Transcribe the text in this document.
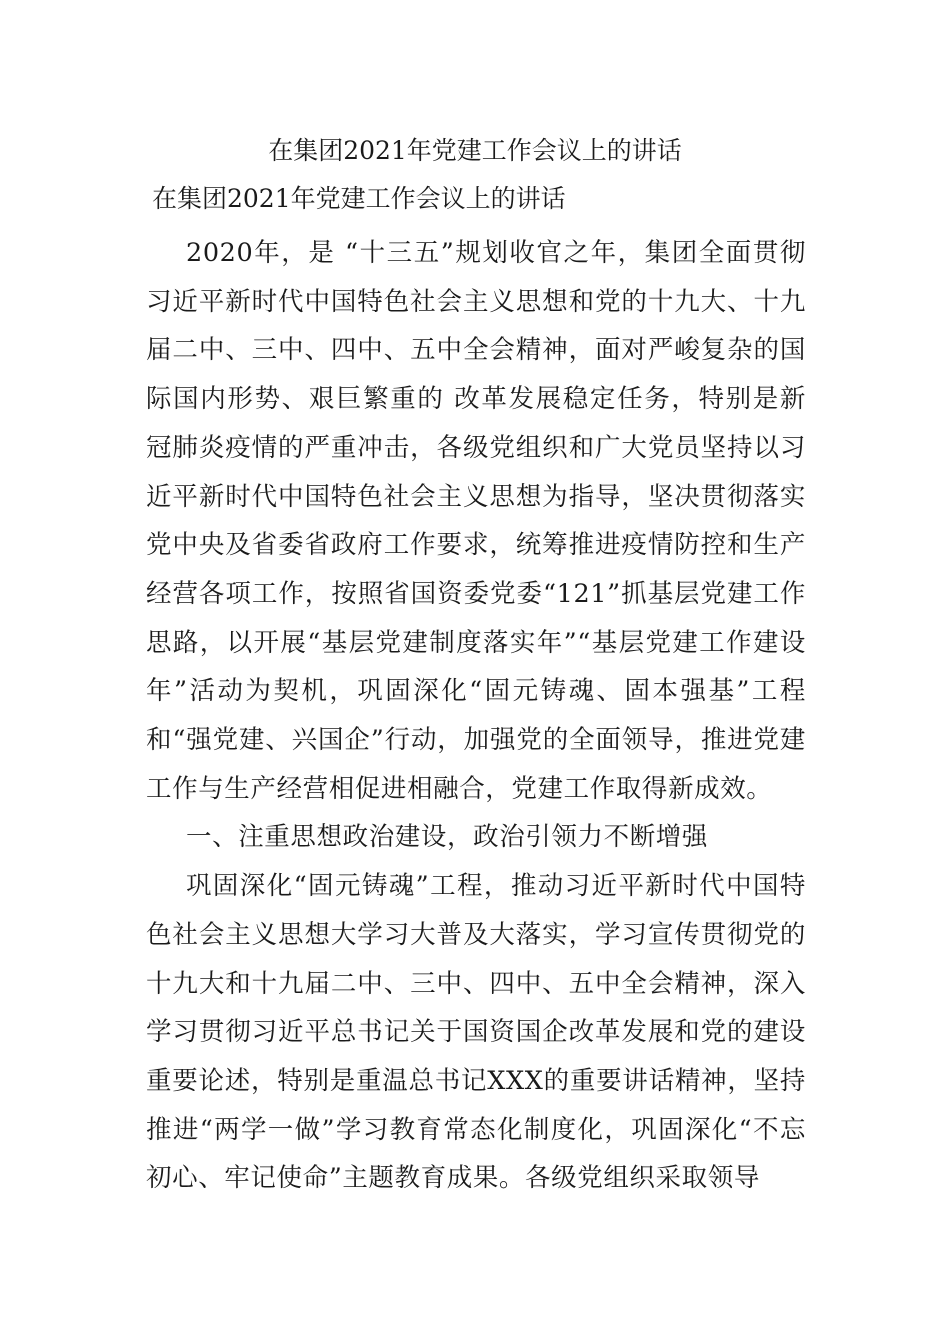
在集团2021年党建工作会议上的讲话
在集团2021年党建工作会议上的讲话

2020年，是 “十三五”规划收官之年，集团全面贯彻习近平新时代中国特色社会主义思想和党的十九大、十九届二中、三中、四中、五中全会精神，面对严峻复杂的国际国内形势、艰巨繁重的 改革发展稳定任务，特别是新冠肺炎疫情的严重冲击，各级党组织和广大党员坚持以习近平新时代中国特色社会主义思想为指导，坚决贯彻落实党中央及省委省政府工作要求，统筹推进疫情防控和生产经营各项工作，按照省国资委党委“121”抓基层党建工作思路，以开展“基层党建制度落实年”“基层党建工作建设年”活动为契机，巩固深化“固元铸魂、固本强基”工程和“强党建、兴国企”行动，加强党的全面领导，推进党建工作与生产经营相促进相融合，党建工作取得新成效。

一、注重思想政治建设，政治引领力不断增强

巩固深化“固元铸魂”工程，推动习近平新时代中国特色社会主义思想大学习大普及大落实，学习宣传贯彻党的十九大和十九届二中、三中、四中、五中全会精神，深入学习贯彻习近平总书记关于国资国企改革发展和党的建设重要论述，特别是重温总书记XXX的重要讲话精神，坚持推进“两学一做”学习教育常态化制度化，巩固深化“不忘初心、牢记使命”主题教育成果。各级党组织采取领导
